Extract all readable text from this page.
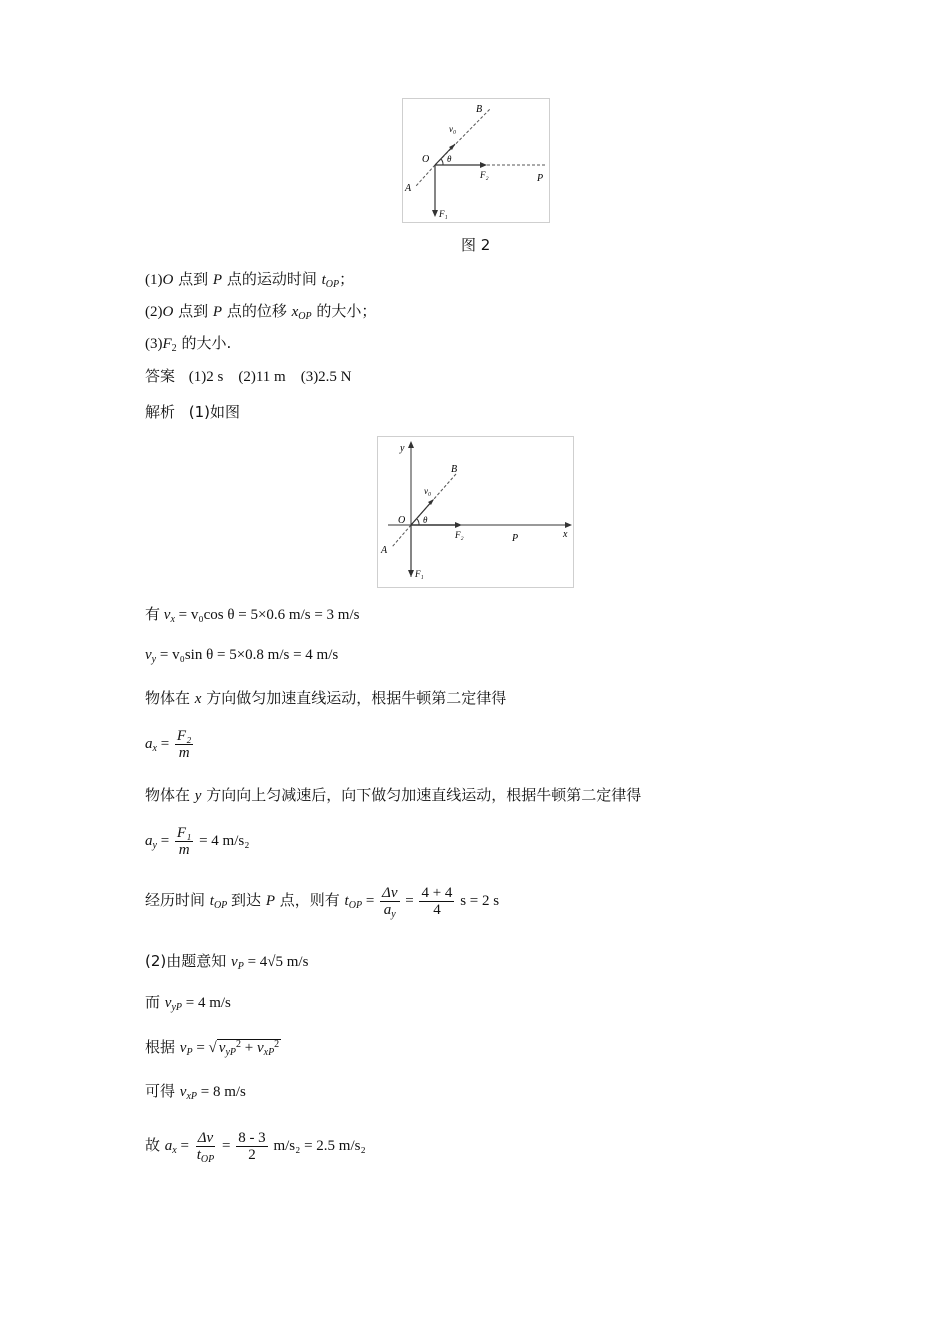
B
v₀
O θ
A
F₂	P
F₁
图 2
(1)O 点到 P 点的运动时间 $t_{OP}$；
(2)O 点到 P 点的位移 $x_{OP}$ 的大小；
$(3)F_2$ 的大小.
答案 (1)2 s　(2)11 m　(3)2.5 N
解析 (1)如图
y
B
v₀
O θ
A
F₂	P	x
F₁
有 $v_x = v_0\cos$ θ = 5×0.6 m/s = 3 m/s
$v_y = v_0\sin$ θ = 5×0.8 m/s = 4 m/s
物体在 x 方向做匀加速直线运动，根据牛顿第二定律得
$a_x = \frac{\text{F₂}}{m}$
物体在 y 方向向上匀减速后，向下做匀加速直线运动，根据牛顿第二定律得
$a_y = \frac{\text{F₁}}{m} = 4$ m/s₂
经历时间 $t_{OP}$ 到达 P 点，则有 $t_{OP} = \frac{\Delta v}{a_y} = \frac{4 + 4}{4}$ s = 2 s
(2)由题意知 $v_P = 4√5$ m/s
而 $v_{yP} = 4$ m/s
根据 $v_P$ = √ $v_{yP}^2 + v_{xP}^2$
可得 $v_{xP} = 8$ m/s
故 $a_x = \frac{\Delta v}{t_{OP}} = \frac{8 - 3}{2} m/s_2 = 2.5$ m/s₂
